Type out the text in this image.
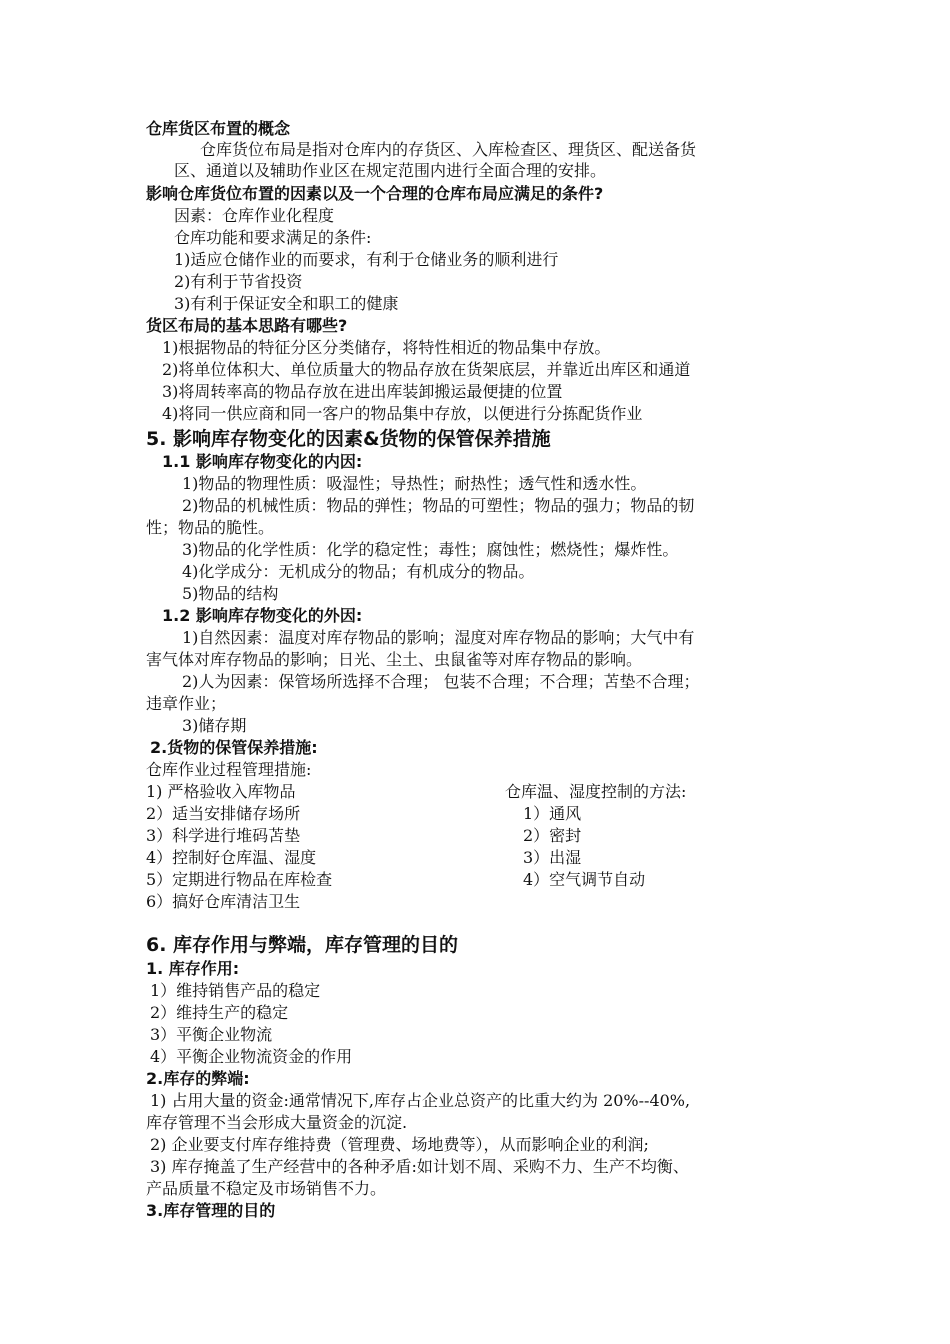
仓库货区布置的概念
仓库货位布局是指对仓库内的存货区、入库检查区、理货区、配送备货
区、通道以及辅助作业区在规定范围内进行全面合理的安排。
影响仓库货位布置的因素以及一个合理的仓库布局应满足的条件?
因素：仓库作业化程度
仓库功能和要求满足的条件:
1)适应仓储作业的而要求，有利于仓储业务的顺利进行
2)有利于节省投资
3)有利于保证安全和职工的健康
货区布局的基本思路有哪些?
1)根据物品的特征分区分类储存，将特性相近的物品集中存放。
2)将单位体积大、单位质量大的物品存放在货架底层，并靠近出库区和通道
3)将周转率高的物品存放在进出库装卸搬运最便捷的位置
4)将同一供应商和同一客户的物品集中存放，以便进行分拣配货作业
5. 影响库存物变化的因素&货物的保管保养措施
1.1 影响库存物变化的内因:
1)物品的物理性质：吸湿性；导热性；耐热性；透气性和透水性。
2)物品的机械性质：物品的弹性；物品的可塑性；物品的强力；物品的韧
性；物品的脆性。
3)物品的化学性质：化学的稳定性；毒性；腐蚀性；燃烧性；爆炸性。
4)化学成分：无机成分的物品；有机成分的物品。
5)物品的结构
1.2 影响库存物变化的外因:
1)自然因素：温度对库存物品的影响；湿度对库存物品的影响；大气中有
害气体对库存物品的影响；日光、尘土、虫鼠雀等对库存物品的影响。
2)人为因素：保管场所选择不合理； 包装不合理；不合理；苫垫不合理；
违章作业；
3)储存期
2.货物的保管保养措施:
仓库作业过程管理措施:
1) 严格验收入库物品
2）适当安排储存场所
3）科学进行堆码苫垫
4）控制好仓库温、湿度
5）定期进行物品在库检查
6）搞好仓库清洁卫生
仓库温、湿度控制的方法:
1）通风
2）密封
3）出湿
4）空气调节自动
6. 库存作用与弊端，库存管理的目的
1. 库存作用:
1）维持销售产品的稳定
2）维持生产的稳定
3）平衡企业物流
4）平衡企业物流资金的作用
2.库存的弊端:
1) 占用大量的资金:通常情况下,库存占企业总资产的比重大约为 20%--40%,
库存管理不当会形成大量资金的沉淀.
2) 企业要支付库存维持费（管理费、场地费等），从而影响企业的利润;
3) 库存掩盖了生产经营中的各种矛盾:如计划不周、采购不力、生产不均衡、
产品质量不稳定及市场销售不力。
3.库存管理的目的
